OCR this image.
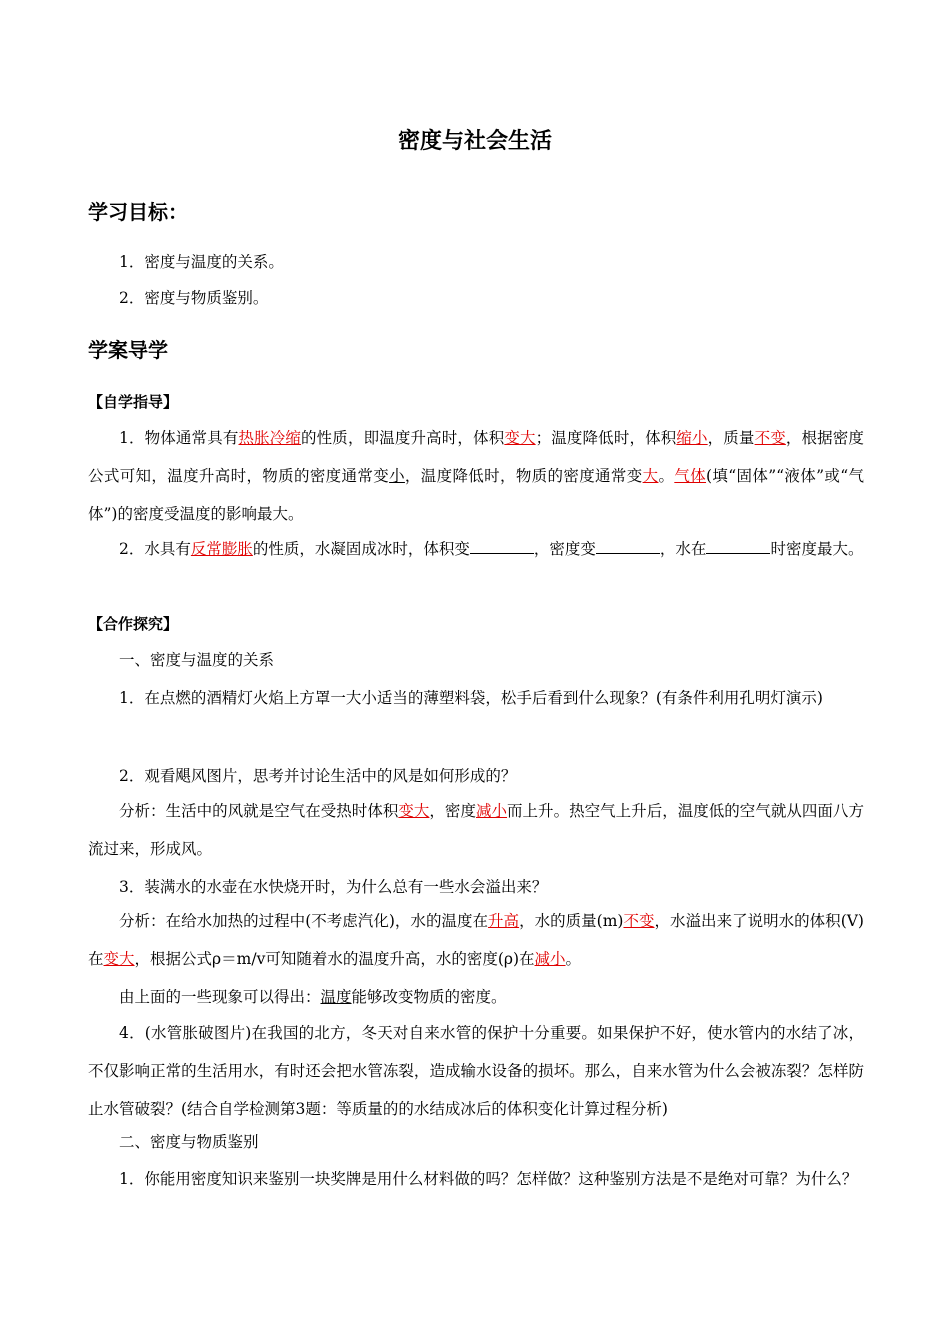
密度与社会生活
学习目标：
1．密度与温度的关系。
2．密度与物质鉴别。
学案导学
【自学指导】
1．物体通常具有热胀冷缩的性质，即温度升高时，体积变大；温度降低时，体积缩小，质量不变，根据密度公式可知，温度升高时，物质的密度通常变小，温度降低时，物质的密度通常变大。气体(填“固体”“液体”或“气体”)的密度受温度的影响最大。
2．水具有反常膨胀的性质，水凝固成冰时，体积变	，密度变	，水在	时密度最大。
【合作探究】
一、密度与温度的关系
1．在点燃的酒精灯火焰上方罩一大小适当的薄塑料袋，松手后看到什么现象？(有条件利用孔明灯演示)
2．观看飓风图片，思考并讨论生活中的风是如何形成的？
分析：生活中的风就是空气在受热时体积变大，密度减小而上升。热空气上升后，温度低的空气就从四面八方流过来，形成风。
3．装满水的水壶在水快烧开时，为什么总有一些水会溢出来？
分析：在给水加热的过程中(不考虑汽化)，水的温度在升高，水的质量(m)不变，水溢出来了说明水的体积(V)在变大，根据公式ρ＝m/v可知随着水的温度升高，水的密度(ρ)在减小。
由上面的一些现象可以得出：温度能够改变物质的密度。
4．(水管胀破图片)在我国的北方，冬天对自来水管的保护十分重要。如果保护不好，使水管内的水结了冰，不仅影响正常的生活用水，有时还会把水管冻裂，造成输水设备的损坏。那么，自来水管为什么会被冻裂？怎样防止水管破裂？(结合自学检测第3题：等质量的的水结成冰后的体积变化计算过程分析)
二、密度与物质鉴别
1．你能用密度知识来鉴别一块奖牌是用什么材料做的吗？怎样做？这种鉴别方法是不是绝对可靠？为什么？
